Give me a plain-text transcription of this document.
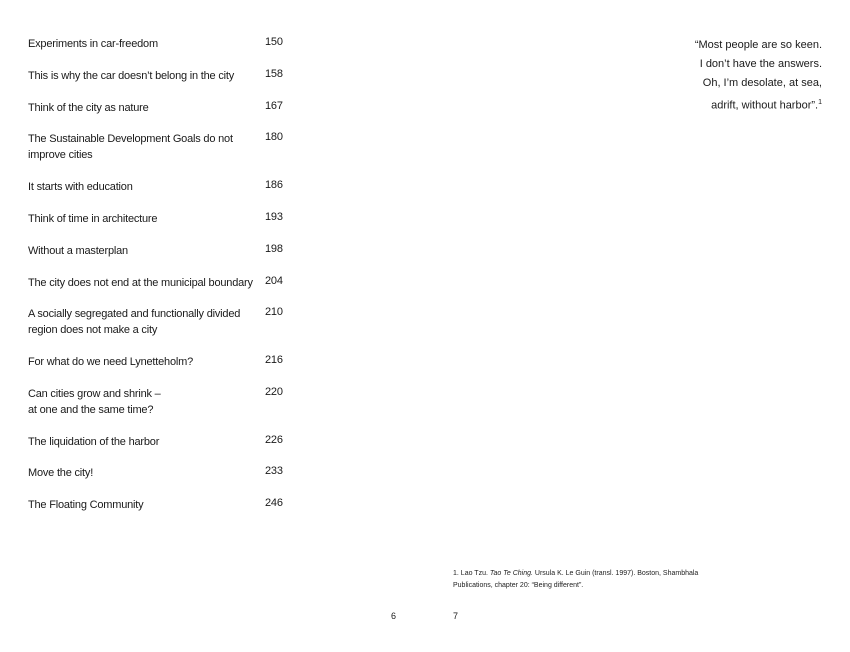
Experiments in car-freedom	150
This is why the car doesn’t belong in the city	158
Think of the city as nature	167
The Sustainable Development Goals do not
improve cities
180
It starts with education	186
Think of time in architecture	193
Without a masterplan	198
The city does not end at the municipal boundary 204
A socially segregated and functionally divided
region does not make a city
210
For what do we need Lynetteholm?	216
Can cities grow and shrink –
at one and the same time?
220
The liquidation of the harbor	226
Move the city!	233
The Floating Community	246
“Most people are so keen.
I don’t have the answers.
Oh, I’m desolate, at sea,
adrift, without harbor”.$^1$
1. Lao Tzu. Tao Te Ching. Ursula K. Le Guin (transl. 1997). Boston, Shambhala Publications, chapter 20: “Being different”.
6	7
